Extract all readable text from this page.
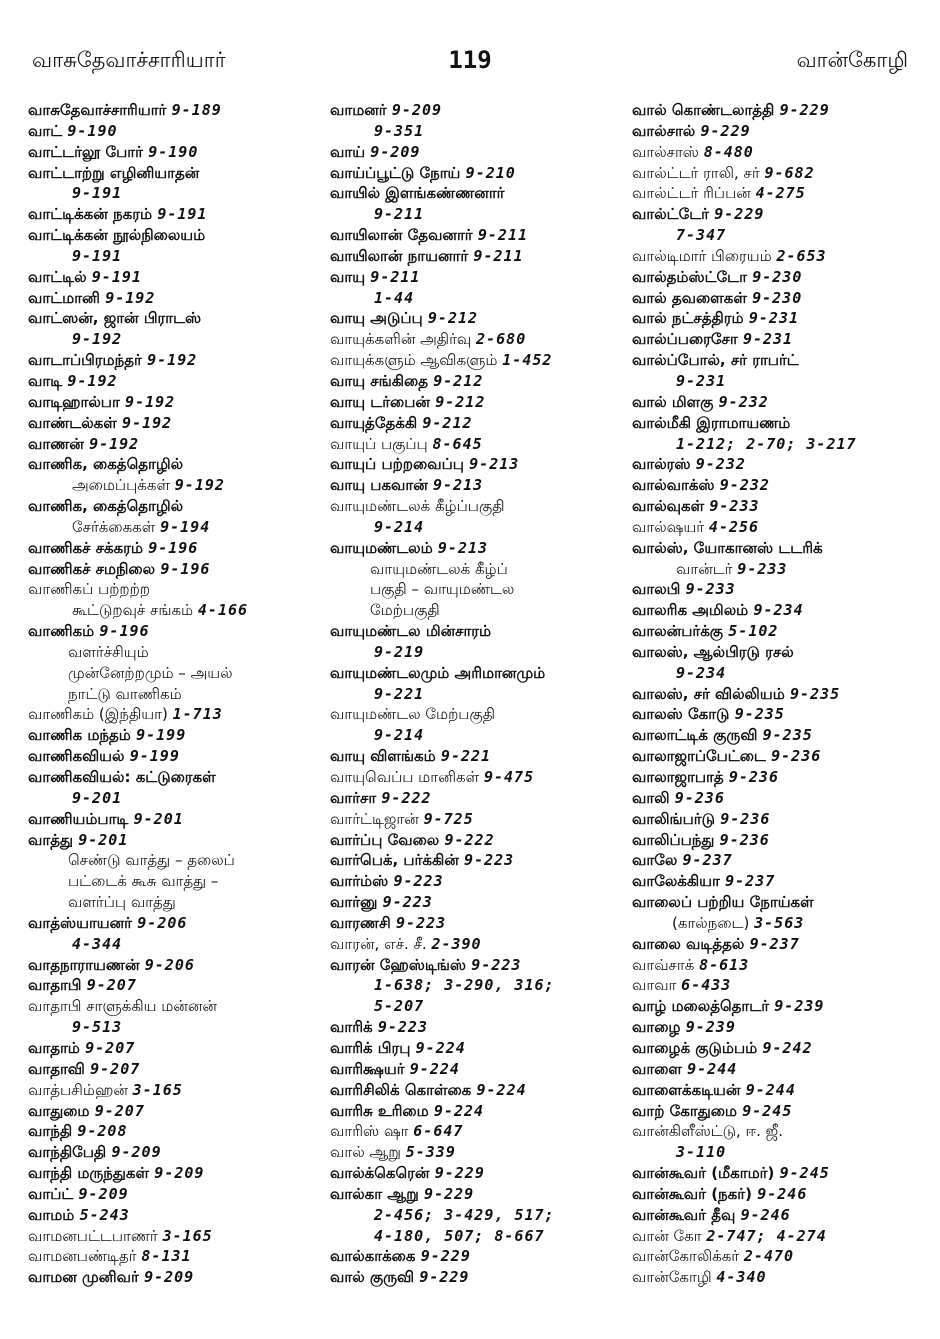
வாசுதேவாச்சாரியார்	119	வான்கோழி
வாசுதேவாச்சாரியார் 9-189
வாட் 9-190
வாட்டர்லூ போர் 9-190
வாட்டாற்று எழினியாதன்
9-191
வாட்டிக்கன் நகரம் 9-191
வாட்டிக்கன் நூல்நிலையம்
9-191
வாட்டில் 9-191
வாட்மானி 9-192
வாட்ஸன், ஜான் பிராடஸ்
9-192
வாடாப்பிரமந்தர் 9-192
வாடி 9-192
வாடிஹால்பா 9-192
வாண்டல்கள் 9-192
வாணன் 9-192
வாணிக, கைத்தொழில்
அமைப்புக்கள் 9-192
வாணிக, கைத்தொழில்
சேர்க்கைகள் 9-194
வாணிகச் சக்கரம் 9-196
வாணிகச் சமநிலை 9-196
வாணிகப் பற்றற்ற
கூட்டுறவுச் சங்கம் 4-166
வாணிகம் 9-196
வளர்ச்சியும்
முன்னேற்றமும் – அயல்
நாட்டு வாணிகம்
வாணிகம் (இந்தியா) 1-713
வாணிக மந்தம் 9-199
வாணிகவியல் 9-199
வாணிகவியல்: கட்டுரைகள்
9-201
வாணியம்பாடி 9-201
வாத்து 9-201
செண்டு வாத்து – தலைப்
பட்டைக் கூசு வாத்து –
வளர்ப்பு வாத்து
வாத்ஸ்யாயனர் 9-206
4-344
வாதநாராயணன் 9-206
வாதாபி 9-207
வாதாபி சாளுக்கிய மன்னன்
9-513
வாதாம் 9-207
வாதாவி 9-207
வாத்பசிம்ஹன் 3-165
வாதுமை 9-207
வாந்தி 9-208
வாந்திபேதி 9-209
வாந்தி மருந்துகள் 9-209
வாப்ட் 9-209
வாமம் 5-243
வாமனபட்டபாணர் 3-165
வாமனபண்டிதர் 8-131
வாமன முனிவர் 9-209
வாமனர் 9-209
9-351
வாய் 9-209
வாய்ப்பூட்டு நோய் 9-210
வாயில் இளங்கண்ணனார்
9-211
வாயிலான் தேவனார் 9-211
வாயிலான் நாயனார் 9-211
வாயு 9-211
1-44
வாயு அடுப்பு 9-212
வாயுக்களின் அதிர்வு 2-680
வாயுக்களும் ஆவிகளும் 1-452
வாயு சங்கிதை 9-212
வாயு டர்பைன் 9-212
வாயுத்தேக்கி 9-212
வாயுப் பகுப்பு 8-645
வாயுப் பற்றவைப்பு 9-213
வாயு பகவான் 9-213
வாயுமண்டலக் கீழ்ப்பகுதி
9-214
வாயுமண்டலம் 9-213
வாயுமண்டலக் கீழ்ப்
பகுதி – வாயுமண்டல
மேற்பகுதி
வாயுமண்டல மின்சாரம்
9-219
வாயுமண்டலமும் அரிமானமும்
9-221
வாயுமண்டல மேற்பகுதி
9-214
வாயு விளங்கம் 9-221
வாயுவெப்ப மானிகள் 9-475
வார்சா 9-222
வார்ட்டிஜான் 9-725
வார்ப்பு வேலை 9-222
வார்பெக், பர்க்கின் 9-223
வார்ம்ஸ் 9-223
வார்னு 9-223
வாரணசி 9-223
வாரன், எச். சீ. 2-390
வாரன் ஹேஸ்டிங்ஸ் 9-223
1-638; 3-290, 316;
5-207
வாரிக் 9-223
வாரிக் பிரபு 9-224
வாரிக்ஷயர் 9-224
வாரிசிலிக் கொள்கை 9-224
வாரிசு உரிமை 9-224
வாரிஸ் ஷா 6-647
வால் ஆறு 5-339
வால்க்கெரென் 9-229
வால்கா ஆறு 9-229
2-456; 3-429, 517;
4-180, 507; 8-667
வால்காக்கை 9-229
வால் குருவி 9-229
வால் கொண்டலாத்தி 9-229
வால்சால் 9-229
வால்சாஸ் 8-480
வால்ட்டர் ராலி, சர் 9-682
வால்ட்டர் ரிப்பன் 4-275
வால்ட்டேர் 9-229
7-347
வால்டிமார் பிரையம் 2-653
வால்தம்ஸ்ட்டோ 9-230
வால் தவளைகள் 9-230
வால் நட்சத்திரம் 9-231
வால்ப்பரைசோ 9-231
வால்ப்போல், சர் ராபர்ட்
9-231
வால் மிளகு 9-232
வால்மீகி இராமாயணம்
1-212; 2-70; 3-217
வால்ரஸ் 9-232
வால்வாக்ஸ் 9-232
வால்வுகள் 9-233
வால்ஷயர் 4-256
வால்ஸ், யோகானஸ் டடரிக்
வான்டர் 9-233
வாலபி 9-233
வாலரிக அமிலம் 9-234
வாலன்பர்க்கு 5-102
வாலஸ், ஆல்பிரடு ரசல்
9-234
வாலஸ், சர் வில்லியம் 9-235
வாலஸ் கோடு 9-235
வாலாட்டிக் குருவி 9-235
வாலாஜாப்பேட்டை 9-236
வாலாஜாபாத் 9-236
வாலி 9-236
வாலிங்பர்டு 9-236
வாலிப்பந்து 9-236
வாலே 9-237
வாலேக்கியா 9-237
வாலைப் பற்றிய நோய்கள்
(கால்நடை) 3-563
வாலை வடித்தல் 9-237
வாவ்சாக் 8-613
வாவா 6-433
வாழ் மலைத்தொடர் 9-239
வாழை 9-239
வாழைக் குடும்பம் 9-242
வாளை 9-244
வாளைக்கடியன் 9-244
வாற் கோதுமை 9-245
வான்கிளீஸ்ட்டு, ஈ. ஜீ.
3-110
வான்கூவர் (மீகாமர்) 9-245
வான்கூவர் (நகர்) 9-246
வான்கூவர் தீவு 9-246
வான் கோ 2-747; 4-274
வான்கோலிக்கர் 2-470
வான்கோழி 4-340
